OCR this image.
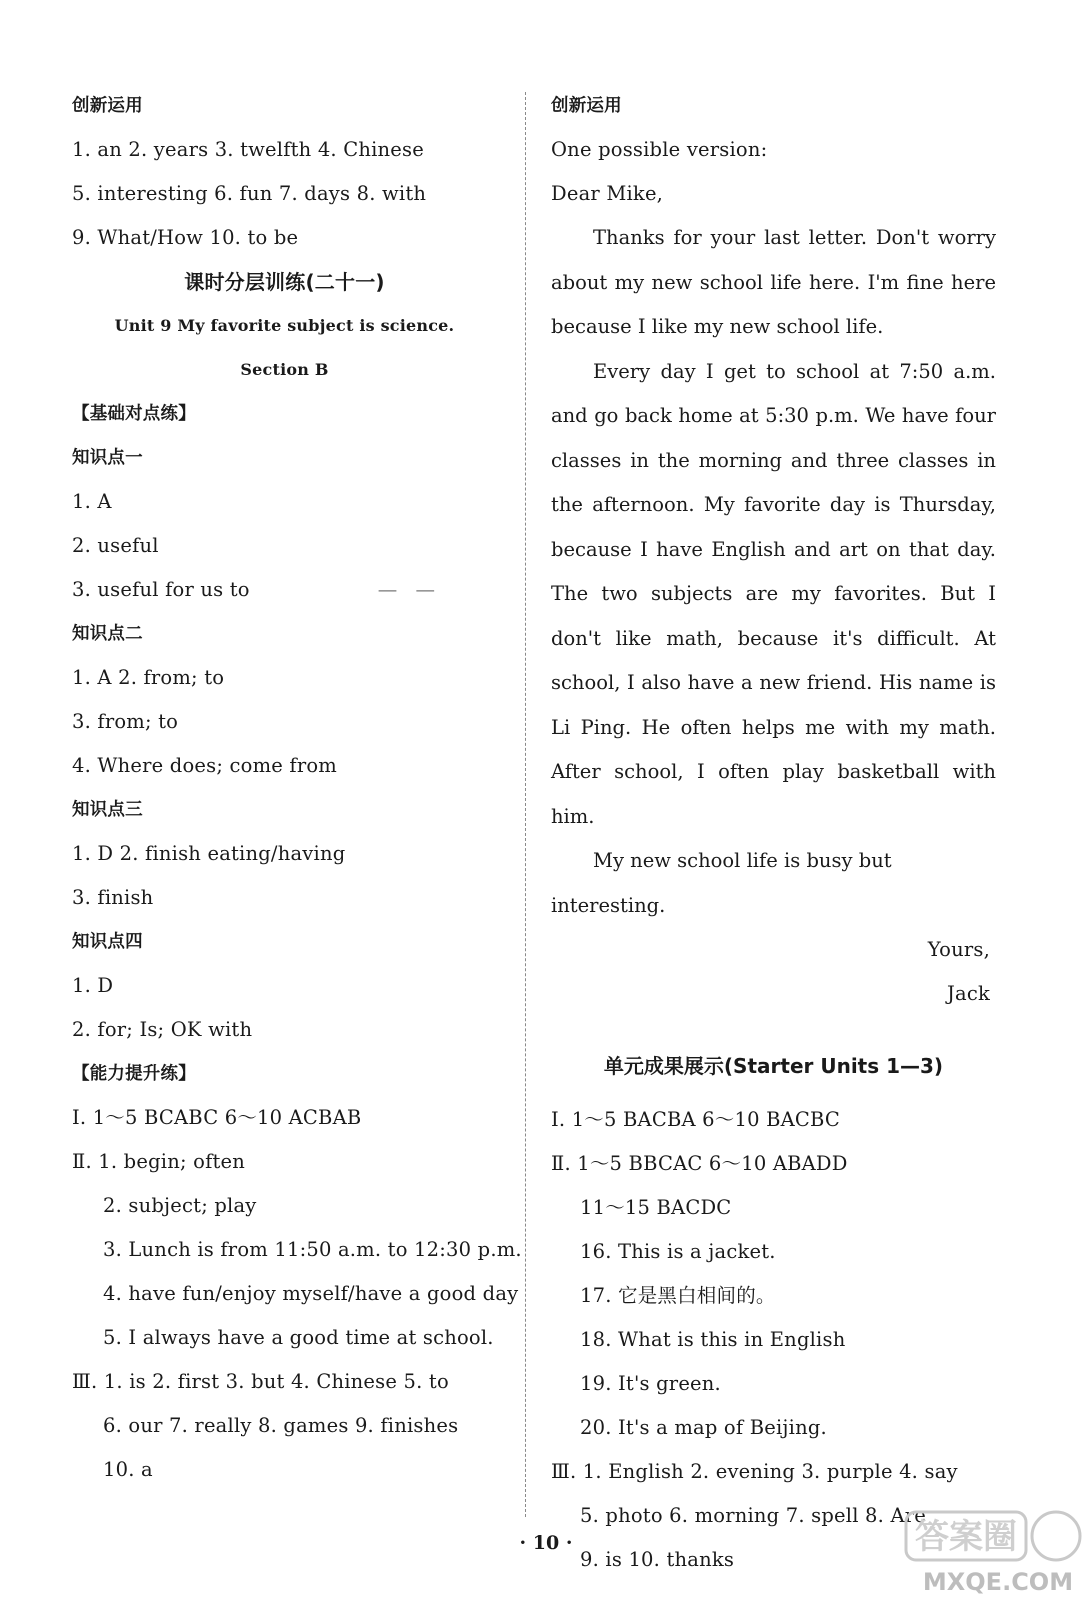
创新运用
1. an 2. years 3. twelfth 4. Chinese
5. interesting 6. fun 7. days 8. with
9. What/How 10. to be
课时分层训练(二十一)
Unit 9 My favorite subject is science.
Section B
【基础对点练】
知识点一
1. A
2. useful
3. useful for us to	— —
知识点二
1. A 2. from; to
3. from; to
4. Where does; come from
知识点三
1. D 2. finish eating/having
3. finish
知识点四
1. D
2. for; Is; OK with
【能力提升练】
Ⅰ. 1～5 BCABC 6～10 ACBAB
Ⅱ. 1. begin; often
2. subject; play
3. Lunch is from 11:50 a.m. to 12:30 p.m.
4. have fun/enjoy myself/have a good day
5. I always have a good time at school.
Ⅲ. 1. is 2. first 3. but 4. Chinese 5. to
6. our 7. really 8. games 9. finishes
10. a
创新运用
One possible version:
Dear Mike,
Thanks for your last letter. Don't worry about my new school life here. I'm fine here because I like my new school life.
Every day I get to school at 7:50 a.m. and go back home at 5:30 p.m. We have four classes in the morning and three classes in the afternoon. My favorite day is Thursday, because I have English and art on that day. The two subjects are my favorites. But I don't like math, because it's difficult. At school, I also have a new friend. His name is Li Ping. He often helps me with my math. After school, I often play basketball with him.
My new school life is busy but interesting.
Yours,
Jack
单元成果展示(Starter Units 1—3)
Ⅰ. 1～5 BACBA 6～10 BACBC
Ⅱ. 1～5 BBCAC 6～10 ABADD
11～15 BACDC
16. This is a jacket.
17. 它是黑白相间的。
18. What is this in English
19. It's green.
20. It's a map of Beijing.
Ⅲ. 1. English 2. evening 3. purple 4. say
5. photo 6. morning 7. spell 8. Are
9. is 10. thanks
· 10 ·	答案圈
MXQE.COM
